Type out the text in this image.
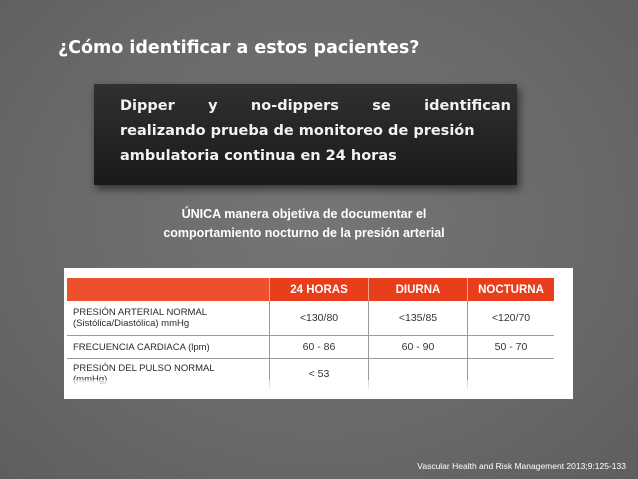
¿Cómo identificar a estos pacientes?
Dipper y no-dippers se identifican
realizando prueba de monitoreo de presión
ambulatoria continua en 24 horas
ÚNICA manera objetiva de documentar el
comportamiento nocturno de la presión arterial
	24 HORAS	DIURNA	NOCTURNA

PRESIÓN ARTERIAL NORMAL
(Sistólica/Diastólica) mmHg	<130/80	<135/85	<120/70

FRECUENCIA CARDIACA (lpm)	60 - 86	60 - 90	50 - 70

PRESIÓN DEL PULSO NORMAL	< 53		
Vascular Health and Risk Management 2013;9:125-133
